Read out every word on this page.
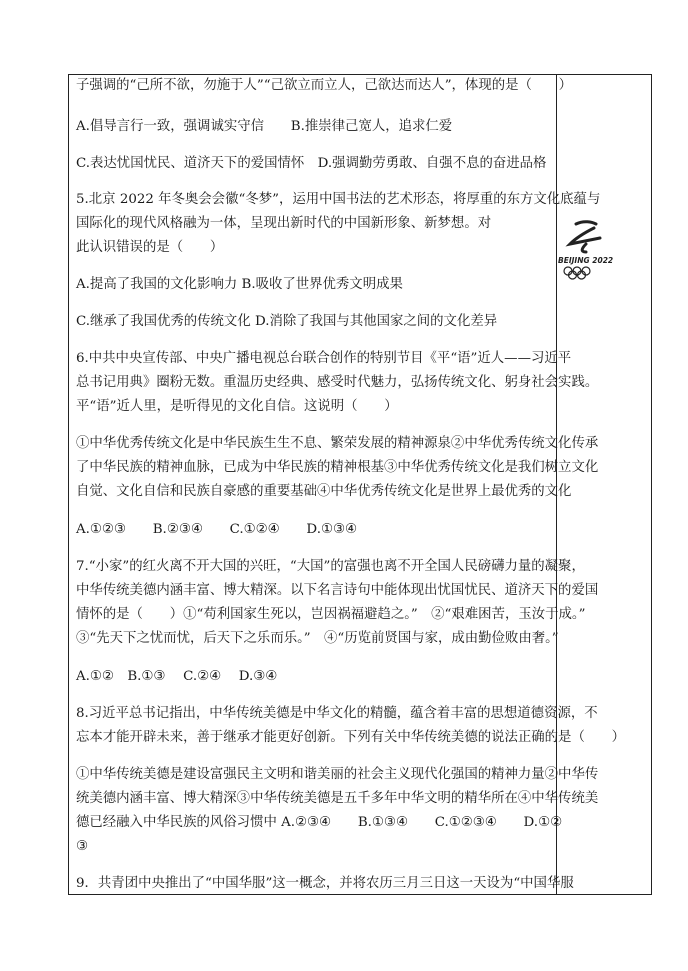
子强调的“己所不欲，勿施于人”“己欲立而立人，己欲达而达人”，体现的是（　　）
A.倡导言行一致，强调诚实守信　　B.推崇律己宽人，追求仁爱
C.表达忧国忧民、道济天下的爱国情怀　D.强调勤劳勇敢、自强不息的奋进品格
5.北京 2022 年冬奥会会徽“冬梦”，运用中国书法的艺术形态，将厚重的东方文化底蕴与
国际化的现代风格融为一体，呈现出新时代的中国新形象、新梦想。对
此认识错误的是（　　）
A.提高了我国的文化影响力 B.吸收了世界优秀文明成果
C.继承了我国优秀的传统文化 D.消除了我国与其他国家之间的文化差异
6.中共中央宣传部、中央广播电视总台联合创作的特别节目《平“语”近人——习近平
总书记用典》圈粉无数。重温历史经典、感受时代魅力，弘扬传统文化、躬身社会实践。
平“语”近人里，是听得见的文化自信。这说明（　　）
①中华优秀传统文化是中华民族生生不息、繁荣发展的精神源泉②中华优秀传统文化传承
了中华民族的精神血脉，已成为中华民族的精神根基③中华优秀传统文化是我们树立文化
自觉、文化自信和民族自豪感的重要基础④中华优秀传统文化是世界上最优秀的文化
A.①②③　　B.②③④　　C.①②④　　D.①③④
7.“小家”的红火离不开大国的兴旺，“大国”的富强也离不开全国人民磅礴力量的凝聚，
中华传统美德内涵丰富、博大精深。以下名言诗句中能体现出忧国忧民、道济天下的爱国
情怀的是（　　）①“苟利国家生死以，岂因祸福避趋之。”　②“艰难困苦，玉汝于成。”
③“先天下之忧而忧，后天下之乐而乐。”　④“历览前贤国与家，成由勤俭败由奢。”
A.①②　B.①③　 C.②④　 D.③④
8.习近平总书记指出，中华传统美德是中华文化的精髓，蕴含着丰富的思想道德资源，不
忘本才能开辟未来，善于继承才能更好创新。下列有关中华传统美德的说法正确的是（　　）
①中华传统美德是建设富强民主文明和谐美丽的社会主义现代化强国的精神力量②中华传
统美德内涵丰富、博大精深③中华传统美德是五千多年中华文明的精华所在④中华传统美
德已经融入中华民族的风俗习惯中 A.②③④　　B.①③④　　C.①②③④　　D.①②
③
9．共青团中央推出了“中国华服”这一概念，并将农历三月三日这一天设为“中国华服
BEIJING 2022
